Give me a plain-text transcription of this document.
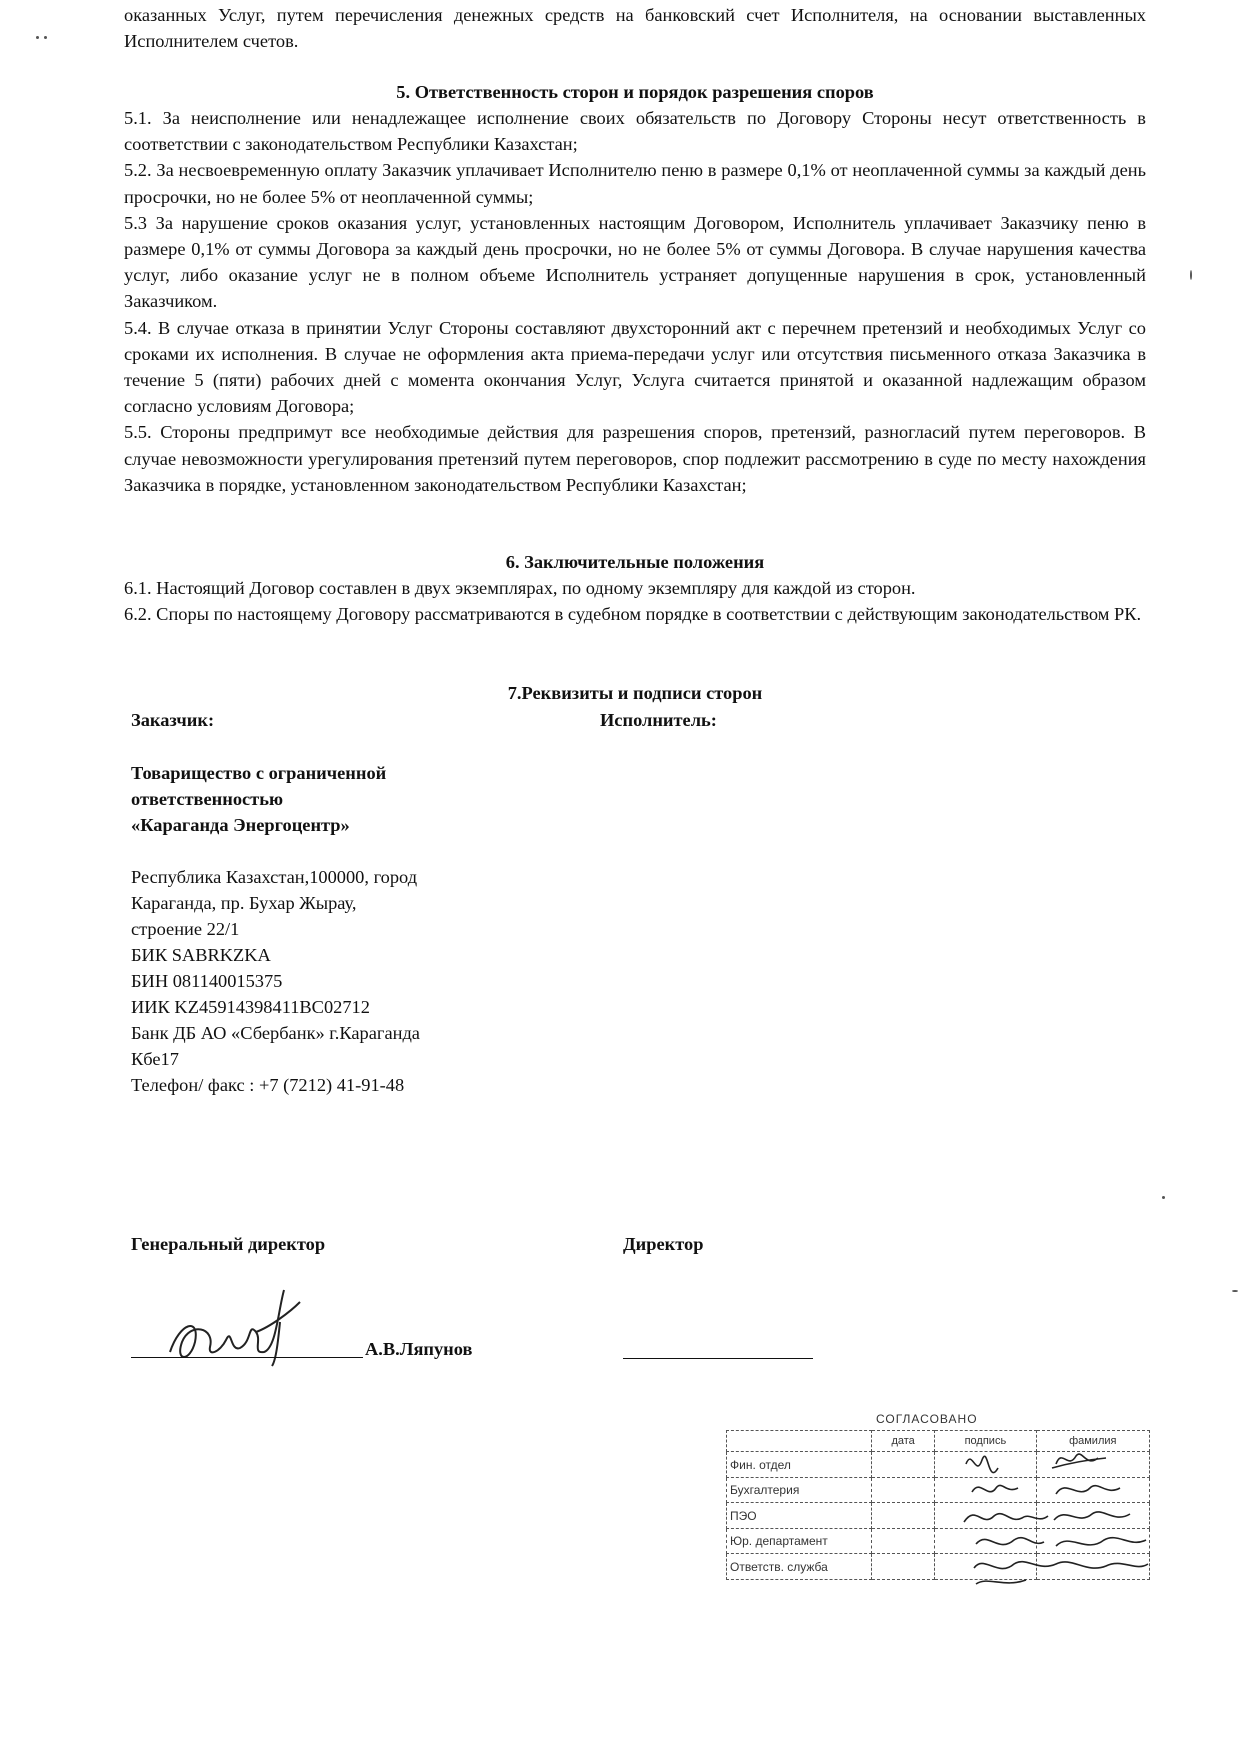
оказанных Услуг, путем перечисления денежных средств на банковский счет Исполнителя, на основании выставленных Исполнителем счетов.

5. Ответственность сторон и порядок разрешения споров

5.1. За неисполнение или ненадлежащее исполнение своих обязательств по Договору Стороны несут ответственность в соответствии с законодательством Республики Казахстан;

5.2. За несвоевременную оплату Заказчик уплачивает Исполнителю пеню в размере 0,1% от неоплаченной суммы за каждый день просрочки, но не более 5% от неоплаченной суммы;

5.3 За нарушение сроков оказания услуг, установленных настоящим Договором, Исполнитель уплачивает Заказчику пеню в размере 0,1% от суммы Договора за каждый день просрочки, но не более 5% от суммы Договора. В случае нарушения качества услуг, либо оказание услуг не в полном объеме Исполнитель устраняет допущенные нарушения в срок, установленный Заказчиком.

5.4. В случае отказа в принятии Услуг Стороны составляют двухсторонний акт с перечнем претензий и необходимых Услуг со сроками их исполнения. В случае не оформления акта приема-передачи услуг или отсутствия письменного отказа Заказчика в течение 5 (пяти) рабочих дней с момента окончания Услуг, Услуга считается принятой и оказанной надлежащим образом согласно условиям Договора;

5.5. Стороны предпримут все необходимые действия для разрешения споров, претензий, разногласий путем переговоров. В случае невозможности урегулирования претензий путем переговоров, спор подлежит рассмотрению в суде по месту нахождения Заказчика в порядке, установленном законодательством Республики Казахстан;

6. Заключительные положения

6.1. Настоящий Договор составлен в двух экземплярах, по одному экземпляру для каждой из сторон.

6.2. Споры по настоящему Договору рассматриваются в судебном порядке в соответствии с действующим законодательством РК.

7.Реквизиты и подписи сторон
Заказчик:	Исполнитель:
Товарищество с ограниченной
ответственностью
«Караганда Энергоцентр»
Республика Казахстан,100000, город
Караганда, пр. Бухар Жырау,
строение 22/1
БИК SABRKZKA
БИН 081140015375
ИИК KZ45914398411BC02712
Банк ДБ АО «Сбербанк» г.Караганда
Кбе17
Телефон/ факс : +7 (7212) 41-91-48
Генеральный директор	Директор
А.В.Ляпунов
СОГЛАСОВАНО
	дата	подпись	фамилия
Фин. отдел			
Бухгалтерия			
ПЭО			
Юр. департамент			
Ответств. служба			
